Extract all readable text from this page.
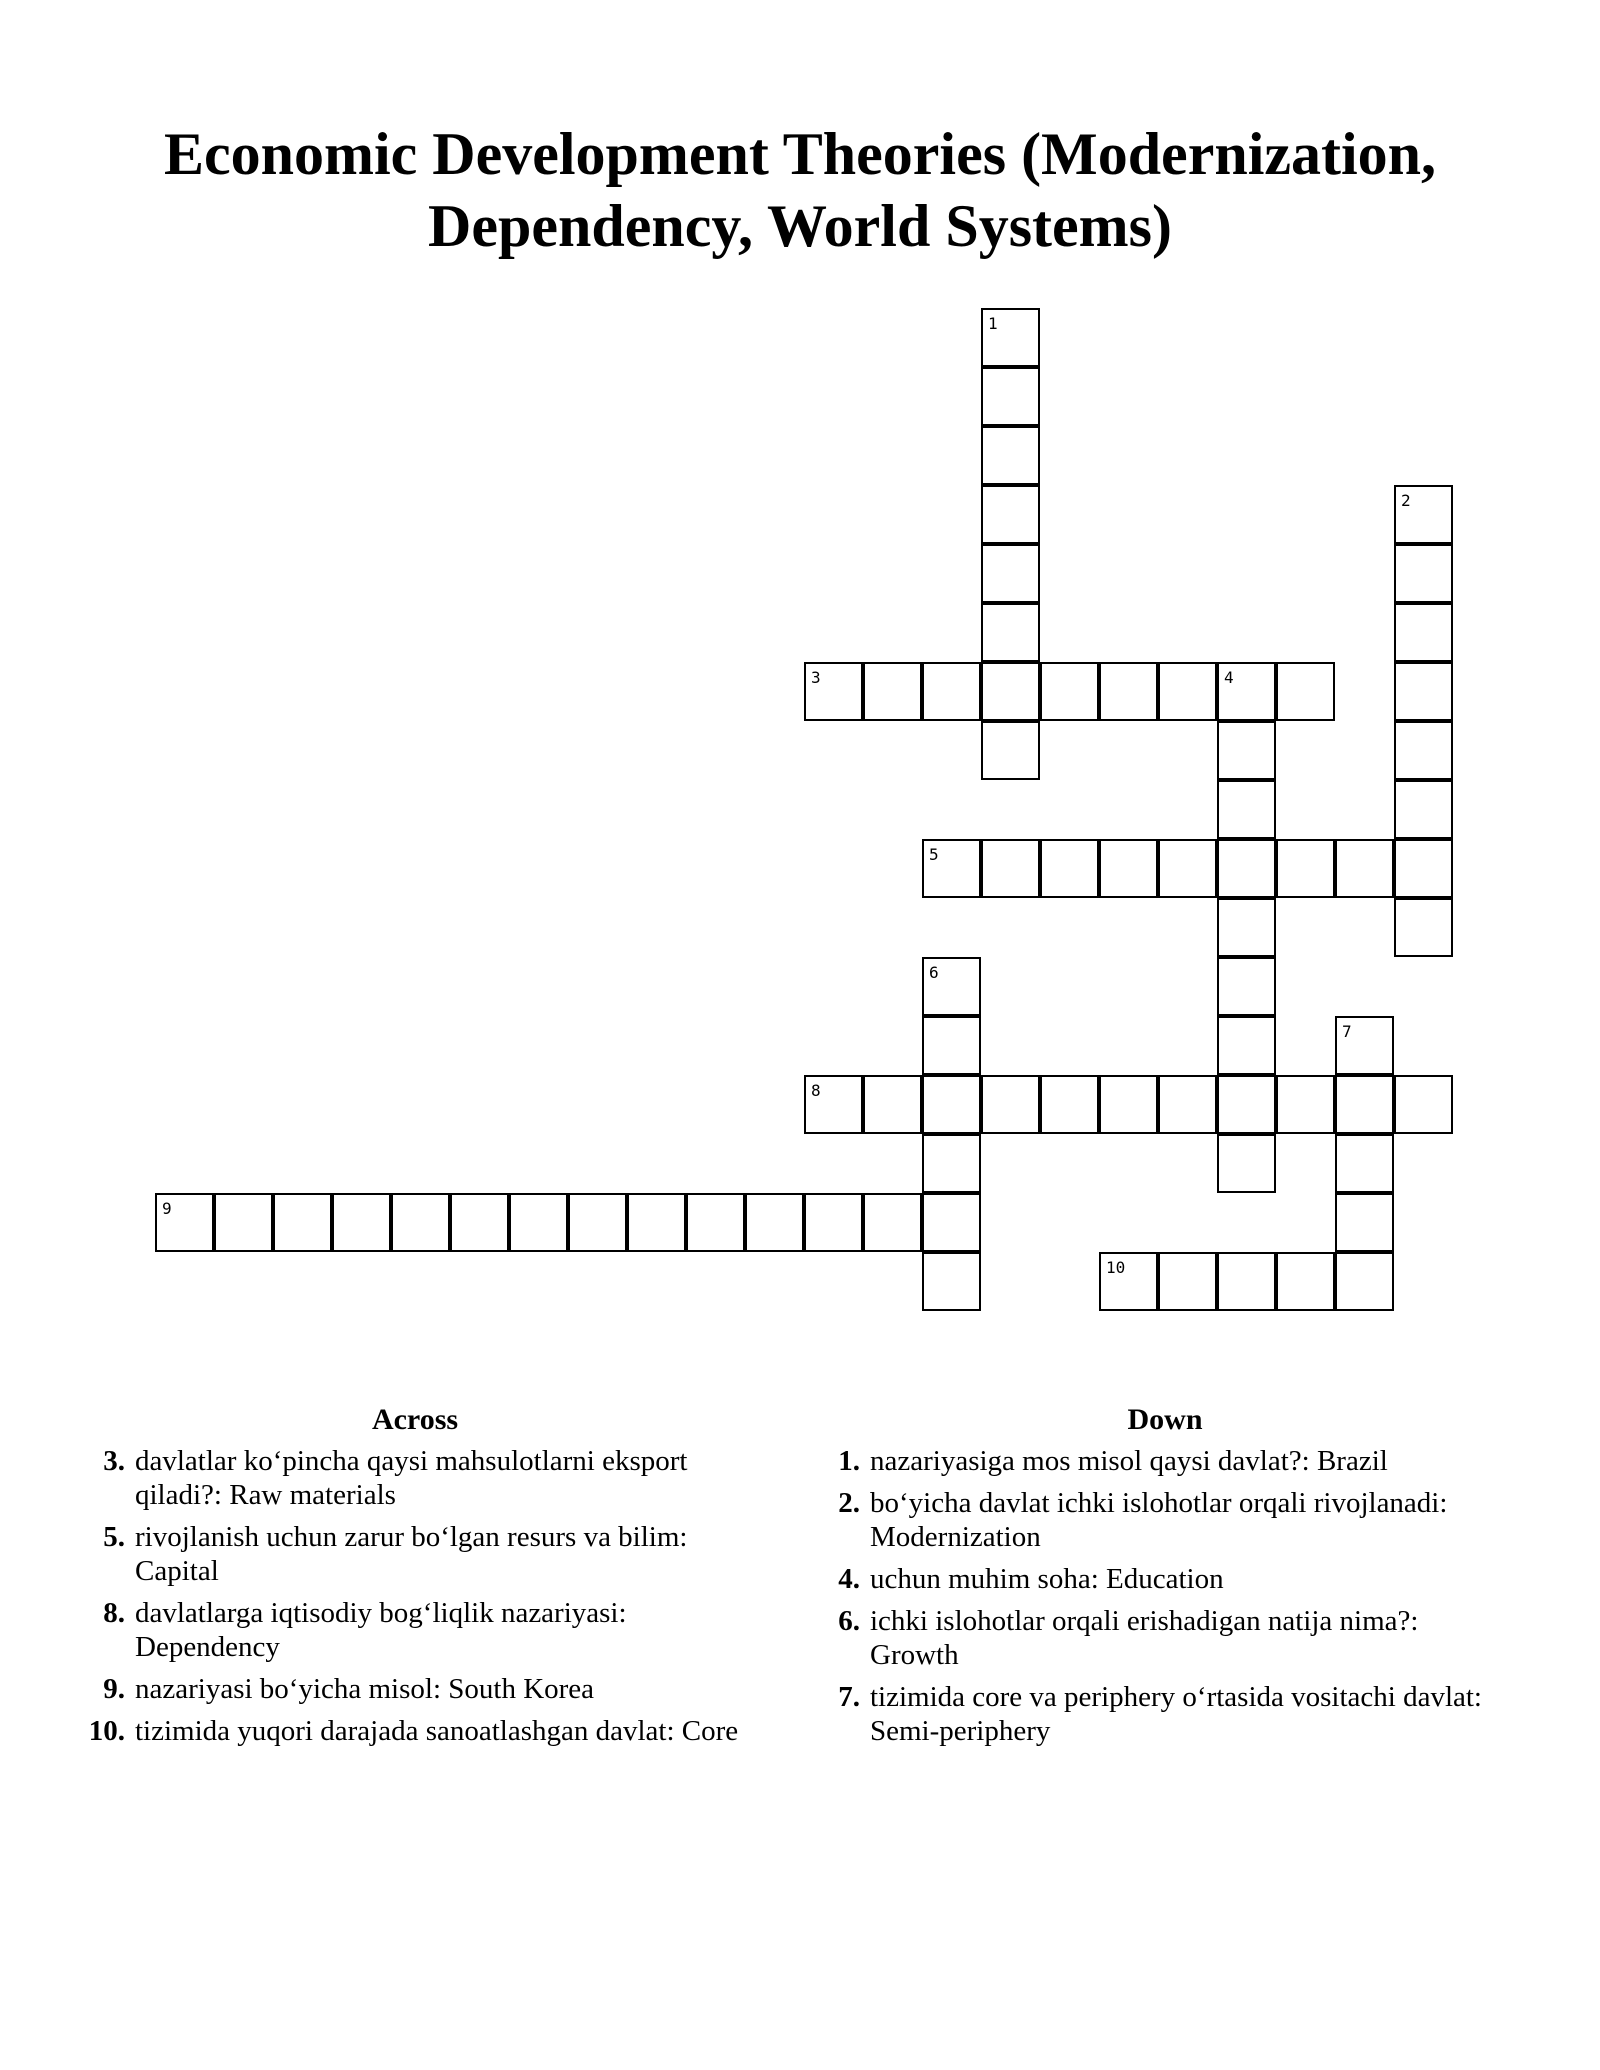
Economic Development Theories (Modernization,
Dependency, World Systems)
1
2
3	4
5
6
7
8
9
10
Across
3. davlatlar ko‘pincha qaysi mahsulotlarni eksport qiladi?: Raw materials
5. rivojlanish uchun zarur bo‘lgan resurs va bilim: Capital
8. davlatlarga iqtisodiy bog‘liqlik nazariyasi: Dependency
9. nazariyasi bo‘yicha misol: South Korea
10. tizimida yuqori darajada sanoatlashgan davlat: Core
Down
1. nazariyasiga mos misol qaysi davlat?: Brazil
2. bo‘yicha davlat ichki islohotlar orqali rivojlanadi: Modernization
4. uchun muhim soha: Education
6. ichki islohotlar orqali erishadigan natija nima?: Growth
7. tizimida core va periphery o‘rtasida vositachi davlat: Semi-periphery
